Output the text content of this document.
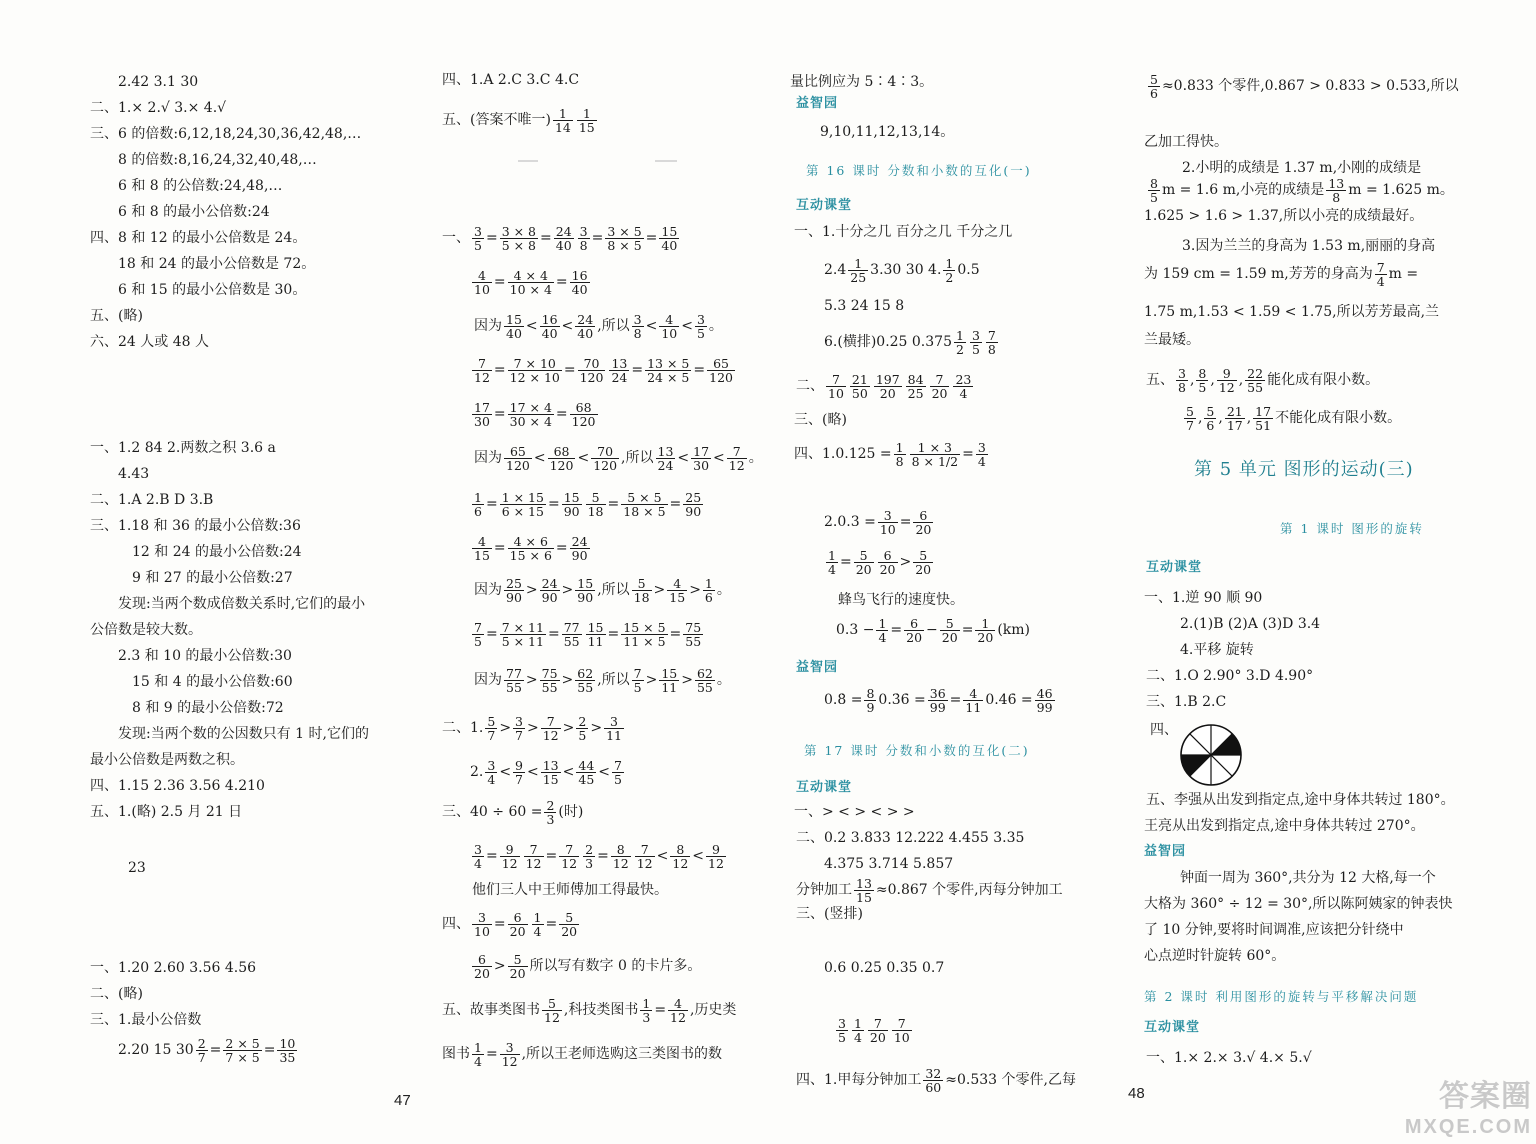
2.42 3.1 30
二、1.× 2.√ 3.× 4.√
三、6 的倍数:6,12,18,24,30,36,42,48,…
8 的倍数:8,16,24,32,40,48,…
6 和 8 的公倍数:24,48,…
6 和 8 的最小公倍数:24
四、8 和 12 的最小公倍数是 24。
18 和 24 的最小公倍数是 72。
6 和 15 的最小公倍数是 30。
五、(略)
六、24 人或 48 人
一、1.2 84 2.两数之积 3.6 a
4.43
二、1.A 2.B D 3.B
三、1.18 和 36 的最小公倍数:36
12 和 24 的最小公倍数:24
9 和 27 的最小公倍数:27
发现:当两个数成倍数关系时,它们的最小
公倍数是较大数。
2.3 和 10 的最小公倍数:30
15 和 4 的最小公倍数:60
8 和 9 的最小公倍数:72
发现:当两个数的公因数只有 1 时,它们的
最小公倍数是两数之积。
四、1.15 2.36 3.56 4.210
五、1.(略) 2.5 月 21 日
23
一、1.20 2.60 3.56 4.56
二、(略)
三、1.最小公倍数
2.20 15 $30 \frac{2}{7} = \frac{2 \times 5}{7 \times 5} = \frac{10}{35}$
四、1.A 2.C 3.C 4.C
五、(答案不唯一) $\frac{1}{14} \frac{1}{15}$
一、 $\frac{3}{5} = \frac{3 \times 8}{5 \times 8} = \frac{24}{40} \frac{3}{8} = \frac{3 \times 5}{8 \times 5} = \frac{15}{40}$
$\frac{4}{10} = \frac{4 \times 4}{10 \times 4} = \frac{16}{40}$
因为 $\frac{15}{40} < \frac{16}{40} < \frac{24}{40}$ ,所以 $\frac{3}{8} < \frac{4}{10} < \frac{3}{5}$ 。
$\frac{7}{12} = \frac{7 \times 10}{12 \times 10} = \frac{70}{120} \frac{13}{24} = \frac{13 \times 5}{24 \times 5} = \frac{65}{120}$
$\frac{17}{30} = \frac{17 \times 4}{30 \times 4} = \frac{68}{120}$
因为 $\frac{65}{120} < \frac{68}{120} < \frac{70}{120}$ ,所以 $\frac{13}{24} < \frac{17}{30} < \frac{7}{12}$ 。
$\frac{1}{6} = \frac{1 \times 15}{6 \times 15} = \frac{15}{90} \frac{5}{18} = \frac{5 \times 5}{18 \times 5} = \frac{25}{90}$
$\frac{4}{15} = \frac{4 \times 6}{15 \times 6} = \frac{24}{90}$
因为 $\frac{25}{90} > \frac{24}{90} > \frac{15}{90}$ ,所以 $\frac{5}{18} > \frac{4}{15} > \frac{1}{6}$ 。
$\frac{7}{5} = \frac{7 \times 11}{5 \times 11} = \frac{77}{55} \frac{15}{11} = \frac{15 \times 5}{11 \times 5} = \frac{75}{55}$
因为 $\frac{77}{55} > \frac{75}{55} > \frac{62}{55}$ ,所以 $\frac{7}{5} > \frac{15}{11} > \frac{62}{55}$ 。
二、1. $\frac{5}{7} > \frac{3}{7} > \frac{7}{12} > \frac{2}{5} > \frac{3}{11}$
2. $\frac{3}{4} < \frac{9}{7} < \frac{13}{15} < \frac{44}{45} < \frac{7}{5}$
三、$40 \div 60 = \frac{2}{3}$ (时)
$\frac{3}{4} = \frac{9}{12} \frac{7}{12} = \frac{7}{12} \frac{2}{3} = \frac{8}{12} \frac{7}{12} < \frac{8}{12} < \frac{9}{12}$
他们三人中王师傅加工得最快。
四、 $\frac{3}{10} = \frac{6}{20} \frac{1}{4} = \frac{5}{20}$
$\frac{6}{20} > \frac{5}{20}$ 所以写有数字 0 的卡片多。
五、故事类图书 $\frac{5}{12}$ ,科技类图书 $\frac{1}{3} = \frac{4}{12}$ ,历史类
图书 $\frac{1}{4} = \frac{3}{12}$ ,所以王老师选购这三类图书的数
量比例应为 5∶4∶3。
益智园
9,10,11,12,13,14。
第 16 课时 分数和小数的互化(一)
互动课堂
一、1.十分之几 百分之几 千分之几
$2.4 \frac{1}{25} 3.30$ 30 4. $\frac{1}{2} 0.5$
5.3 24 15 8
6.(横排)0.25 $0.375 \frac{1}{2} \frac{3}{5} \frac{7}{8}$
二、 $\frac{7}{10} \frac{21}{50} \frac{197}{20} \frac{84}{25} \frac{7}{20} \frac{23}{4}$
三、(略)
四、$1.0.125 = \frac{1}{8} \frac{1 \times 3}{8 \times 1/2} = \frac{3}{4}$
$2.0.3 = \frac{3}{10} = \frac{6}{20}$
$\frac{1}{4} = \frac{5}{20} \frac{6}{20} > \frac{5}{20}$
蜂鸟飞行的速度快。
$0.3 - \frac{1}{4} = \frac{6}{20} - \frac{5}{20} = \frac{1}{20} (km)$
益智园
0.8̇ = $\frac{8}{9}$ 0.3̇6̇ = $\frac{36}{99} = \frac{4}{11}$ 0.4̇6̇ = $\frac{46}{99}$
第 17 课时 分数和小数的互化(二)
互动课堂
一、> < > < > >
二、0.2 3.833 12.222 4.455 3.35
4.375 3.714 5.857
三、(竖排)
0.6 0.25 0.35 0.7
$\frac{3}{5} \frac{1}{4} \frac{7}{20} \frac{7}{10}$
四、1.甲每分钟加工 $\frac{32}{60} \approx 0.533$ 个零件,乙每
分钟加工 $\frac{13}{15} \approx 0.867$ 个零件,丙每分钟加工
$\frac{5}{6} \approx 0.833$ 个零件,0.867 > 0.833 > 0.533,所以
乙加工得快。
2.小明的成绩是 1.37 m,小刚的成绩是
$\frac{8}{5}$ m = 1.6 m,小亮的成绩是 $\frac{13}{8}$ m = 1.625 m。
1.625 > 1.6 > 1.37,所以小亮的成绩最好。
3.因为兰兰的身高为 1.53 m,丽丽的身高
为 159 cm = 1.59 m,芳芳的身高为 $\frac{7}{4}$ m =
1.75 m,1.53 < 1.59 < 1.75,所以芳芳最高,兰
兰最矮。
五、 $\frac{3}{8}$ , $\frac{8}{5}$ , $\frac{9}{12}$ , $\frac{22}{55}$ 能化成有限小数。
$\frac{5}{7}$ , $\frac{5}{6}$ , $\frac{21}{17}$ , $\frac{17}{51}$ 不能化成有限小数。
第 5 单元 图形的运动(三)
第 1 课时 图形的旋转
互动课堂
一、1.逆 90 顺 90
2.(1)B (2)A (3)D 3.4
4.平移 旋转
二、1.O 2.90° 3.D 4.90°
三、1.B 2.C
五、李强从出发到指定点,途中身体共转过 180°。
王亮从出发到指定点,途中身体共转过 270°。
益智园
钟面一周为 360°,共分为 12 大格,每一个
大格为 360° ÷ 12 = 30°,所以陈阿姨家的钟表快
了 10 分钟,要将时间调准,应该把分针绕中
心点逆时针旋转 60°。
第 2 课时 利用图形的旋转与平移解决问题
互动课堂
一、1.× 2.× 3.√ 4.× 5.√
47	48
四、
答案圈
MXQE.COM
